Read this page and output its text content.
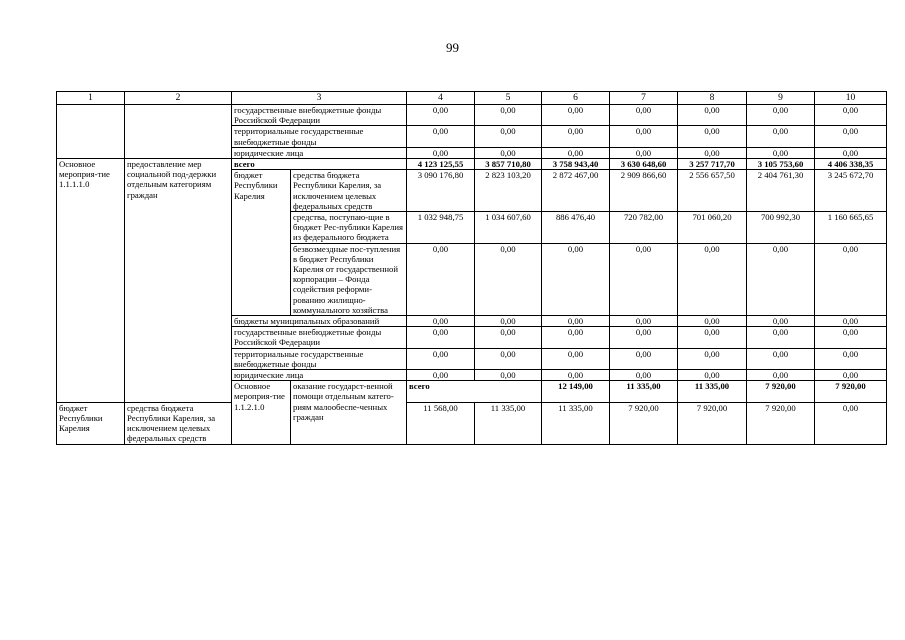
99
1	2	3		4	5	6	7	8	9	10	
		государственные внебюджетные фонды Российской Федерации		0,00	0,00	0,00	0,00	0,00	0,00	0,00	
		территориальные государственные внебюджетные фонды		0,00	0,00	0,00	0,00	0,00	0,00	0,00	
		юридические лица		0,00	0,00	0,00	0,00	0,00	0,00	0,00	
Основное мероприя-тие 1.1.1.1.0	предоставление мер социальной под-держки отдельным категориям граждан	всего		4 123 125,55	3 857 710,80	3 758 943,40	3 630 648,60	3 257 717,70	3 105 753,60	4 406 338,35	
		бюджет Республики Карелия	средства бюджета Республики Карелия, за исключением целевых федеральных средств	3 090 176,80	2 823 103,20	2 872 467,00	2 909 866,60	2 556 657,50	2 404 761,30	3 245 672,70	
			средства, поступаю-щие в бюджет Рес-публики Карелия из федерального бюджета	1 032 948,75	1 034 607,60	886 476,40	720 782,00	701 060,20	700 992,30	1 160 665,65	
			безвозмездные пос-тупления в бюджет Республики Карелия от государственной корпорации – Фонда содействия реформи-рованию жилищно-коммунального хозяйства	0,00	0,00	0,00	0,00	0,00	0,00	0,00	
		бюджеты муниципальных образований		0,00	0,00	0,00	0,00	0,00	0,00	0,00	
		государственные внебюджетные фонды Российской Федерации		0,00	0,00	0,00	0,00	0,00	0,00	0,00	
		территориальные государственные внебюджетные фонды		0,00	0,00	0,00	0,00	0,00	0,00	0,00	
		юридические лица		0,00	0,00	0,00	0,00	0,00	0,00	0,00	
		Основное мероприя-тие 1.1.2.1.0	оказание государст-венной помощи отдельным катего-риям малообеспе-ченных граждан	всего		12 149,00	11 335,00	11 335,00	7 920,00	7 920,00		
бюджет Республики Карелия	средства бюджета Республики Карелия, за исключением целевых федеральных средств			11 568,00	11 335,00	11 335,00	7 920,00	7 920,00	7 920,00	0,00	
